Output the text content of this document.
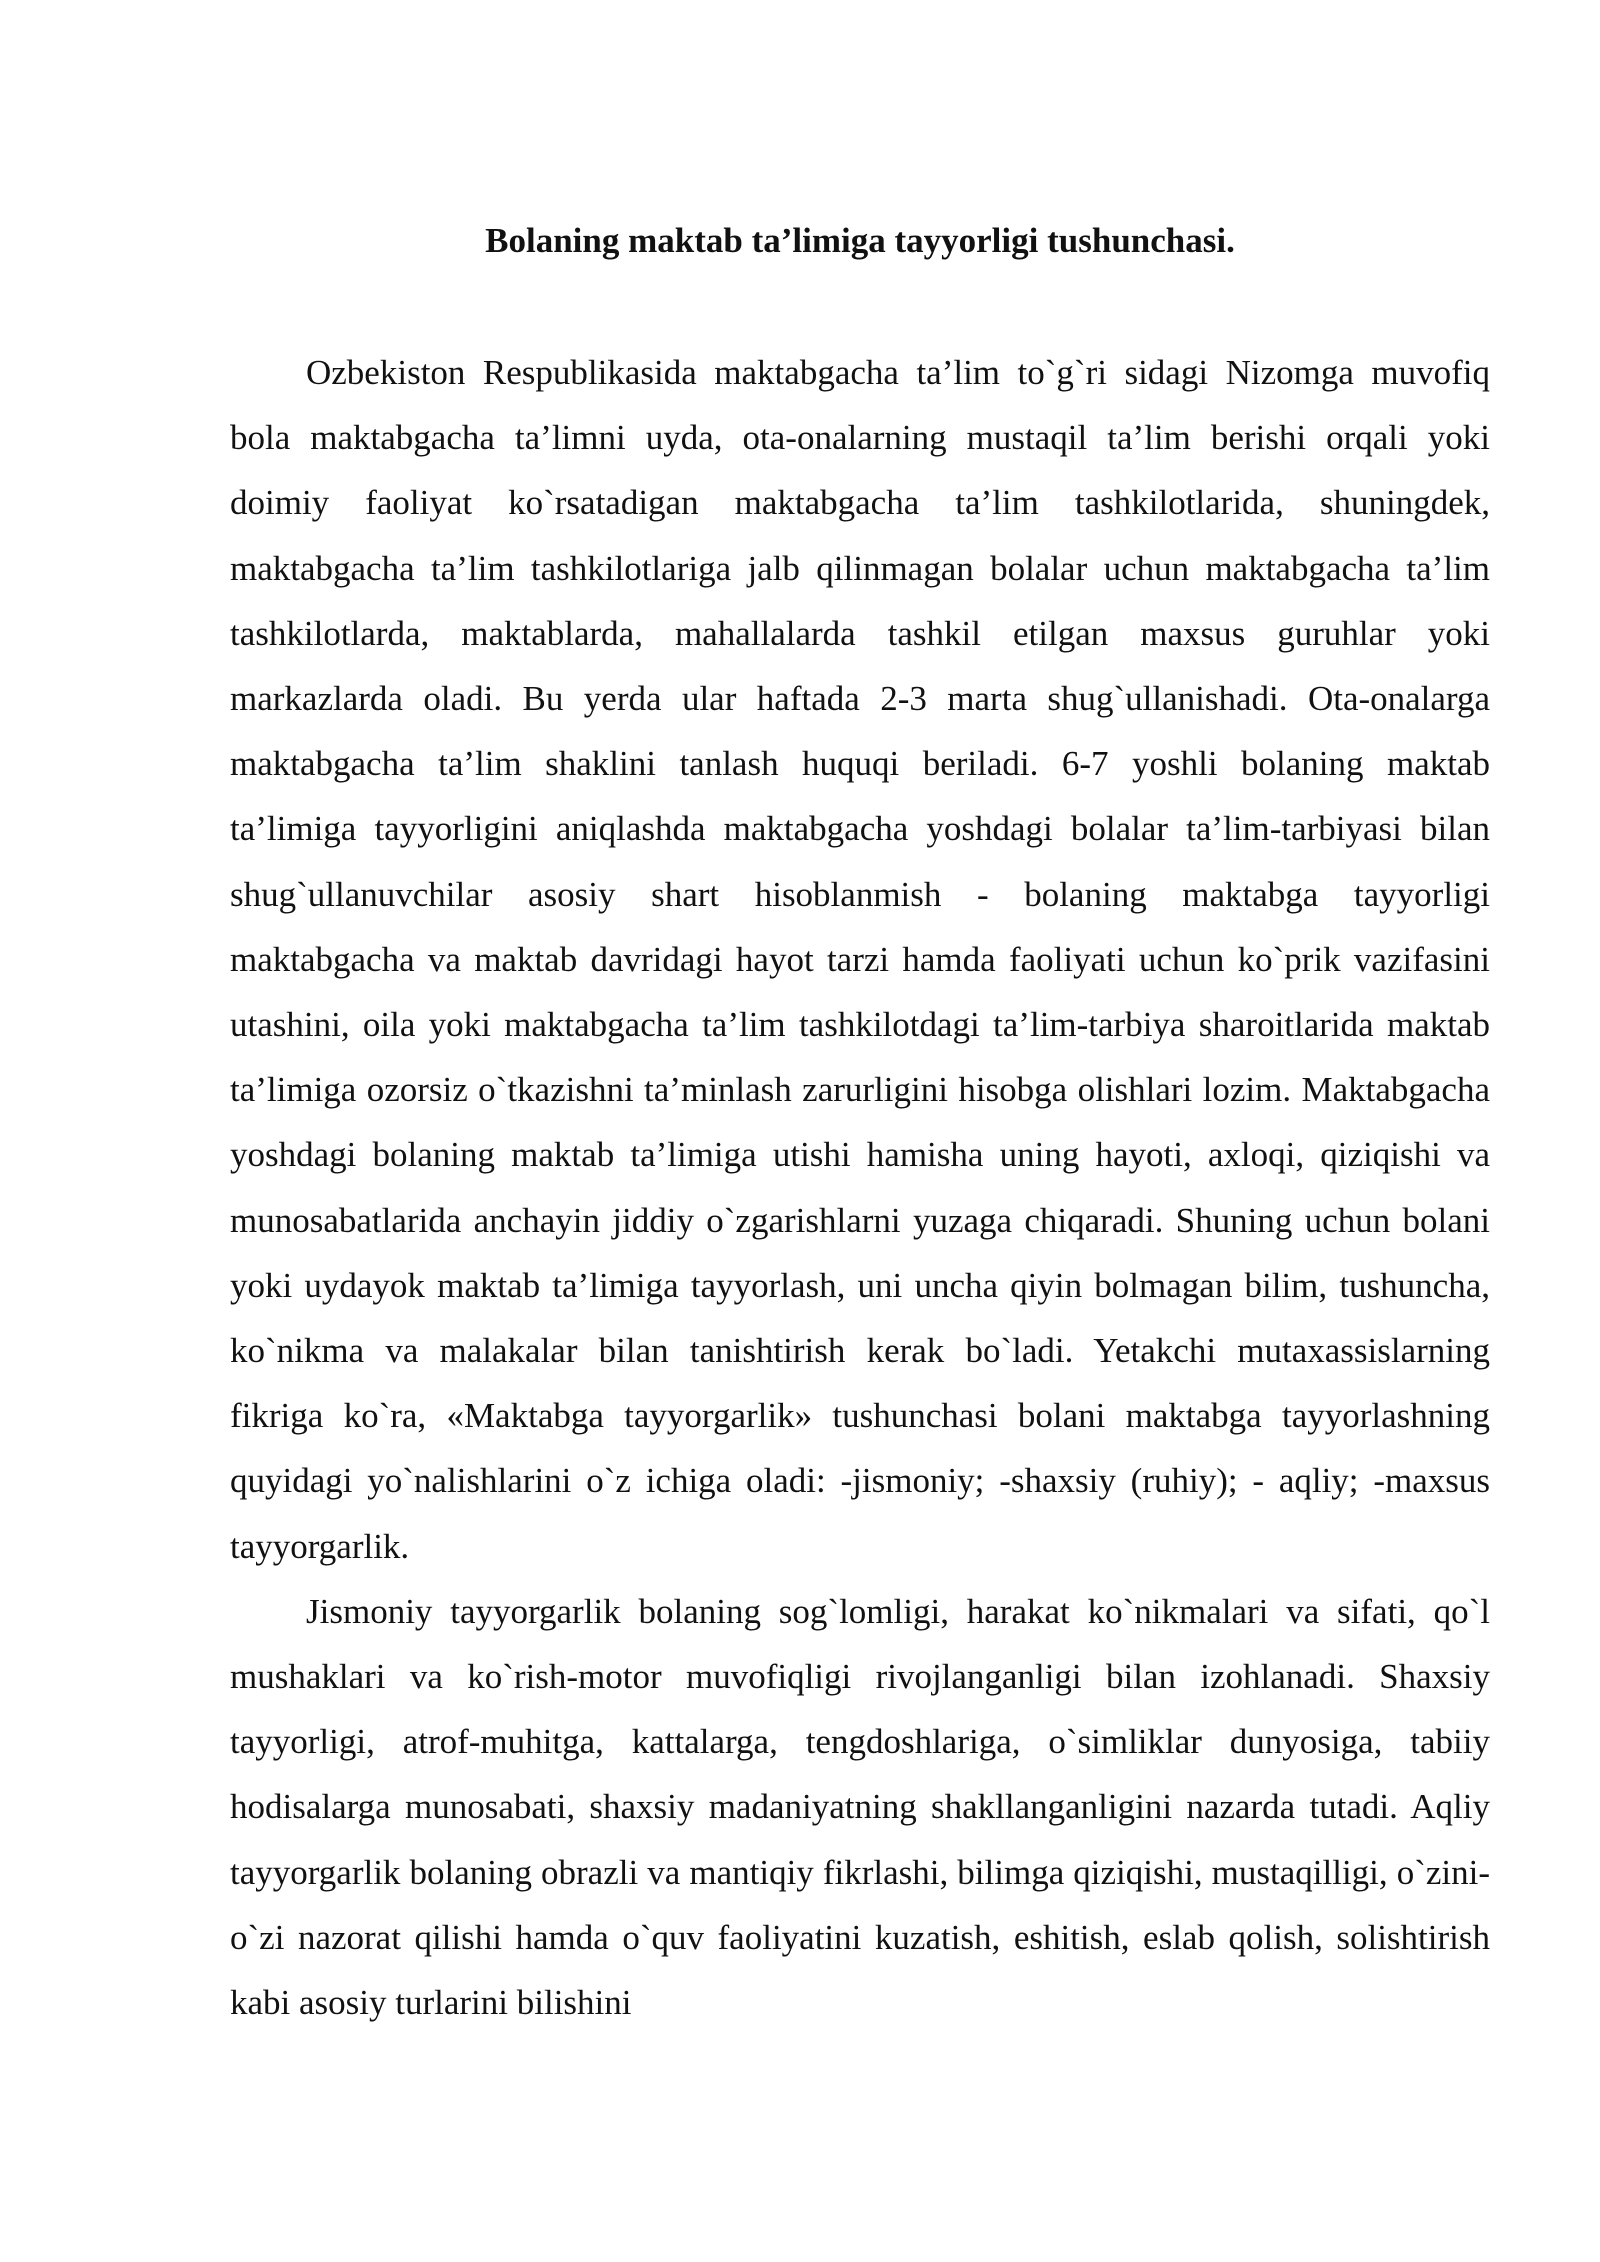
Bolaning maktab ta’limiga tayyorligi tushunchasi.

Ozbekiston Respublikasida maktabgacha ta’lim to`g`ri sidagi Nizomga muvofiq bola maktabgacha ta’limni uyda, ota-onalarning mustaqil ta’lim berishi orqali yoki doimiy faoliyat ko`rsatadigan maktabgacha ta’lim tashkilotlarida, shuningdek, maktabgacha ta’lim tashkilotlariga jalb qilinmagan bolalar uchun maktabgacha ta’lim tashkilotlarda, maktablarda, mahallalarda tashkil etilgan maxsus guruhlar yoki markazlarda oladi. Bu yerda ular haftada 2-3 marta shug`ullanishadi. Ota-onalarga maktabgacha ta’lim shaklini tanlash huquqi beriladi. 6-7 yoshli bolaning maktab ta’limiga tayyorligini aniqlashda maktabgacha yoshdagi bolalar ta’lim-tarbiyasi bilan shug`ullanuvchilar asosiy shart hisoblanmish - bolaning maktabga tayyorligi maktabgacha va maktab davridagi hayot tarzi hamda faoliyati uchun ko`prik vazifasini utashini, oila yoki maktabgacha ta’lim tashkilotdagi ta’lim-tarbiya sharoitlarida maktab ta’limiga ozorsiz o`tkazishni ta’minlash zarurligini hisobga olishlari lozim. Maktabgacha yoshdagi bolaning maktab ta’limiga utishi hamisha uning hayoti, axloqi, qiziqishi va munosabatlarida anchayin jiddiy o`zgarishlarni yuzaga chiqaradi. Shuning uchun bolani yoki uydayok maktab ta’limiga tayyorlash, uni uncha qiyin bolmagan bilim, tushuncha, ko`nikma va malakalar bilan tanishtirish kerak bo`ladi. Yetakchi mutaxassislarning fikriga ko`ra, «Maktabga tayyorgarlik» tushunchasi bolani maktabga tayyorlashning quyidagi yo`nalishlarini o`z ichiga oladi: -jismoniy; -shaxsiy (ruhiy); - aqliy; -maxsus tayyorgarlik.

Jismoniy tayyorgarlik bolaning sog`lomligi, harakat ko`nikmalari va sifati, qo`l mushaklari va ko`rish-motor muvofiqligi rivojlanganligi bilan izohlanadi. Shaxsiy tayyorligi, atrof-muhitga, kattalarga, tengdoshlariga, o`simliklar dunyosiga, tabiiy hodisalarga munosabati, shaxsiy madaniyatning shakllanganligini nazarda tutadi. Aqliy tayyorgarlik bolaning obrazli va mantiqiy fikrlashi, bilimga qiziqishi, mustaqilligi, o`zini-o`zi nazorat qilishi hamda o`quv faoliyatini kuzatish, eshitish, eslab qolish, solishtirish kabi asosiy turlarini bilishini
